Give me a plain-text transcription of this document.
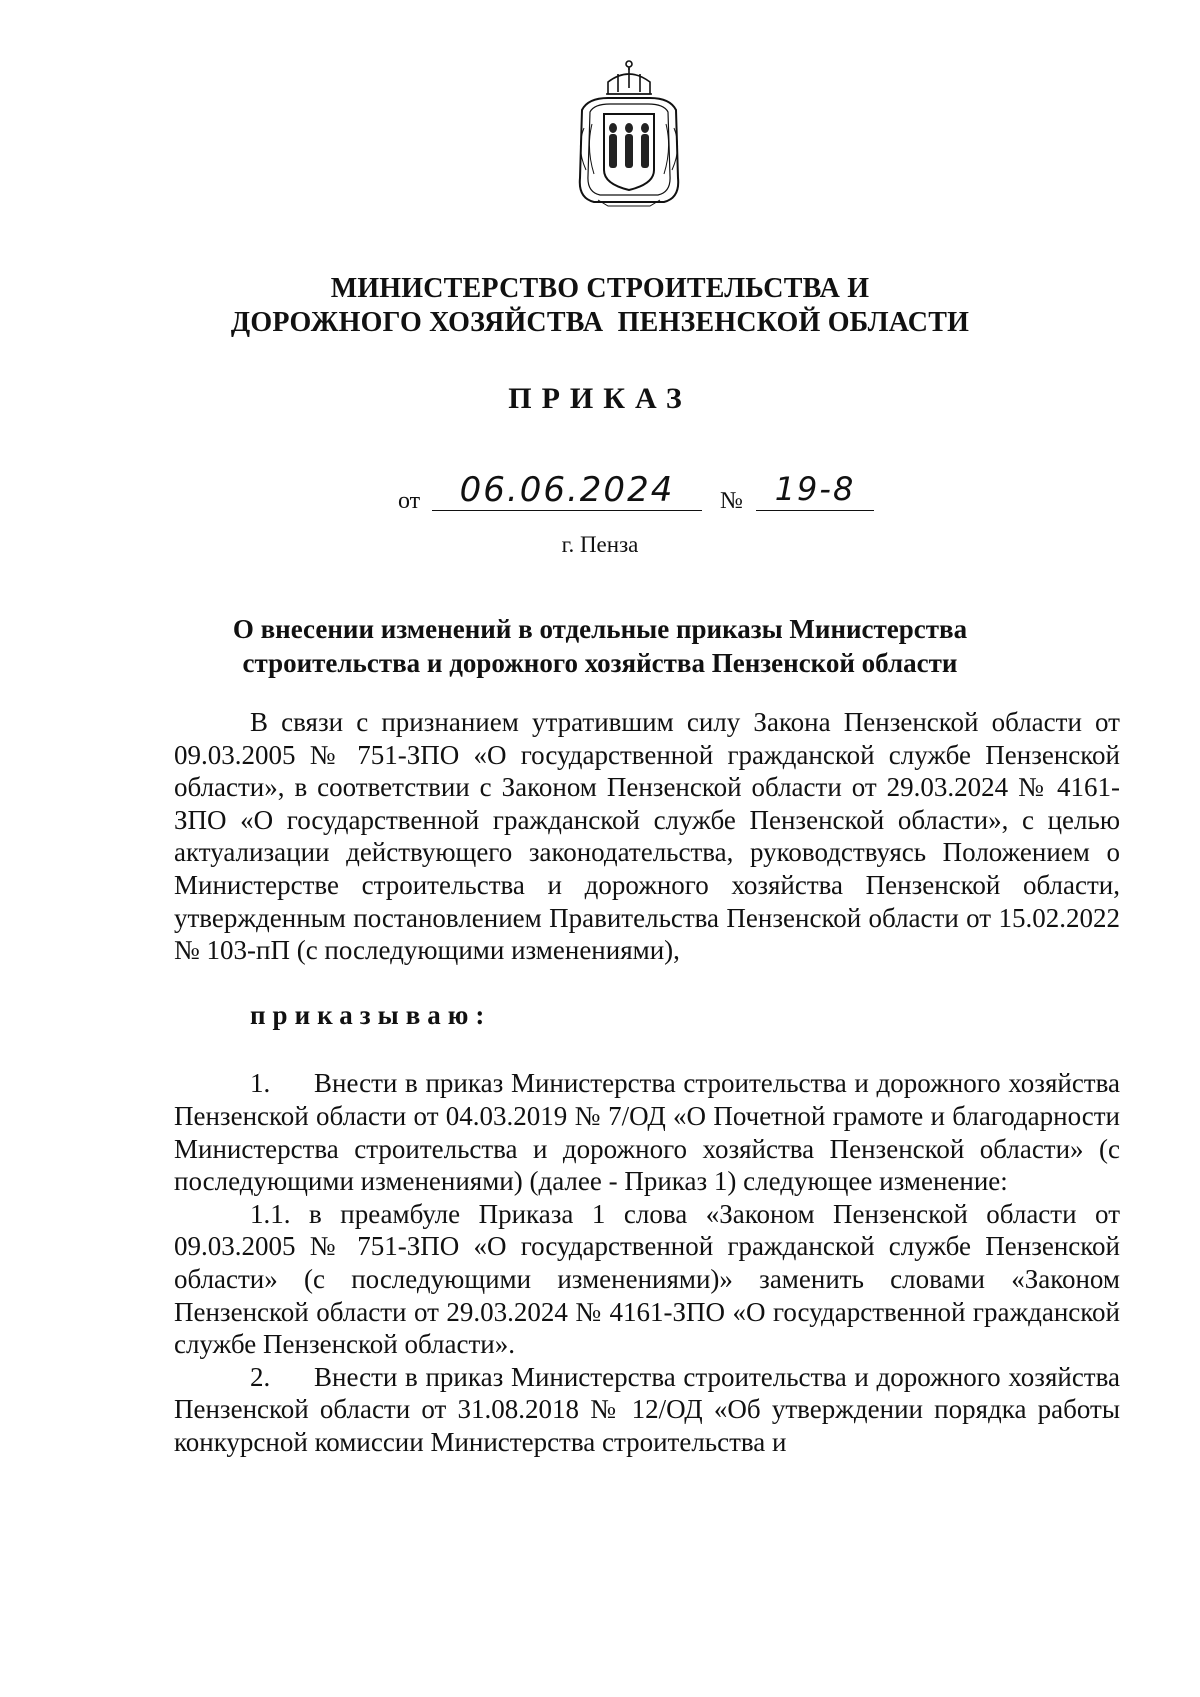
МИНИСТЕРСТВО СТРОИТЕЛЬСТВА И
ДОРОЖНОГО ХОЗЯЙСТВА  ПЕНЗЕНСКОЙ ОБЛАСТИ
ПРИКАЗ
от	06.06.2024	№ 19-8
г. Пенза
О внесении изменений в отдельные приказы Министерства
строительства и дорожного хозяйства Пензенской области

В связи с признанием утратившим силу Закона Пензенской области от 09.03.2005 № 751-ЗПО «О государственной гражданской службе Пензенской области», в соответствии с Законом Пензенской области от 29.03.2024 № 4161-ЗПО «О государственной гражданской службе Пензенской области», с целью актуализации действующего законодательства, руководствуясь Положением о Министерстве строительства и дорожного хозяйства Пензенской области, утвержденным постановлением Правительства Пензенской области от 15.02.2022 № 103-пП (с последующими изменениями),

приказываю:

1. Внести в приказ Министерства строительства и дорожного хозяйства Пензенской области от 04.03.2019 № 7/ОД «О Почетной грамоте и благодарности Министерства строительства и дорожного хозяйства Пензенской области» (с последующими изменениями) (далее - Приказ 1) следующее изменение:

1.1. в преамбуле Приказа 1 слова «Законом Пензенской области от 09.03.2005 № 751-ЗПО «О государственной гражданской службе Пензенской области» (с последующими изменениями)» заменить словами «Законом Пензенской области от 29.03.2024 № 4161-ЗПО «О государственной гражданской службе Пензенской области».

2. Внести в приказ Министерства строительства и дорожного хозяйства Пензенской области от 31.08.2018 № 12/ОД «Об утверждении порядка работы конкурсной комиссии Министерства строительства и
